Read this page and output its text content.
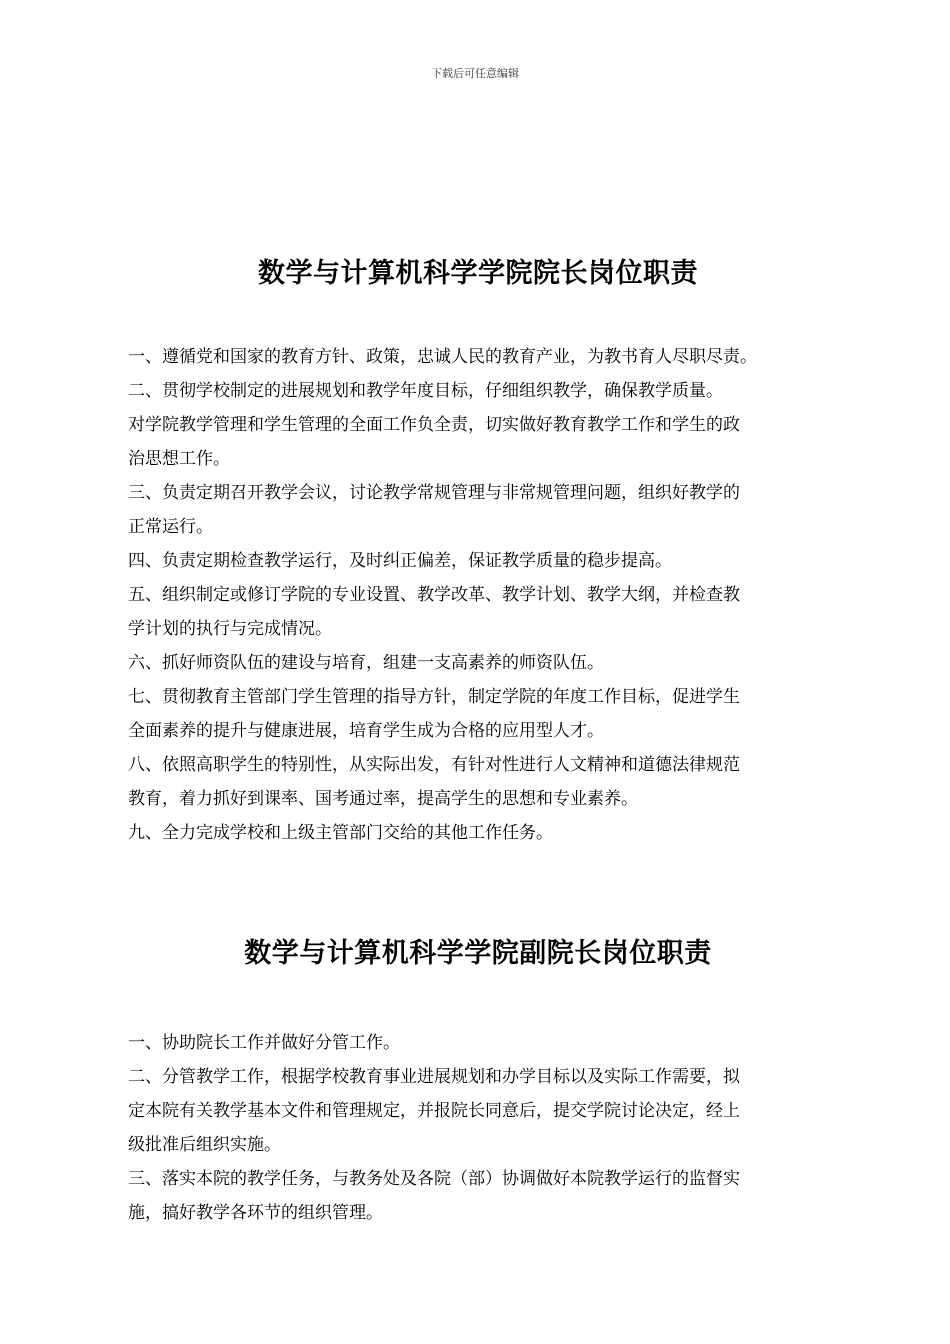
下载后可任意编辑
数学与计算机科学学院院长岗位职责

一、遵循党和国家的教育方针、政策，忠诚人民的教育产业，为教书育人尽职尽责。

二、贯彻学校制定的进展规划和教学年度目标，仔细组织教学，确保教学质量。

对学院教学管理和学生管理的全面工作负全责，切实做好教育教学工作和学生的政

治思想工作。

三、负责定期召开教学会议，讨论教学常规管理与非常规管理问题，组织好教学的

正常运行。

四、负责定期检查教学运行，及时纠正偏差，保证教学质量的稳步提高。

五、组织制定或修订学院的专业设置、教学改革、教学计划、教学大纲，并检查教

学计划的执行与完成情况。

六、抓好师资队伍的建设与培育，组建一支高素养的师资队伍。

七、贯彻教育主管部门学生管理的指导方针，制定学院的年度工作目标，促进学生

全面素养的提升与健康进展，培育学生成为合格的应用型人才。

八、依照高职学生的特别性，从实际出发，有针对性进行人文精神和道德法律规范

教育，着力抓好到课率、国考通过率，提高学生的思想和专业素养。

九、全力完成学校和上级主管部门交给的其他工作任务。

数学与计算机科学学院副院长岗位职责

一、协助院长工作并做好分管工作。

二、分管教学工作，根据学校教育事业进展规划和办学目标以及实际工作需要，拟

定本院有关教学基本文件和管理规定，并报院长同意后，提交学院讨论决定，经上

级批准后组织实施。

三、落实本院的教学任务，与教务处及各院（部）协调做好本院教学运行的监督实

施，搞好教学各环节的组织管理。
